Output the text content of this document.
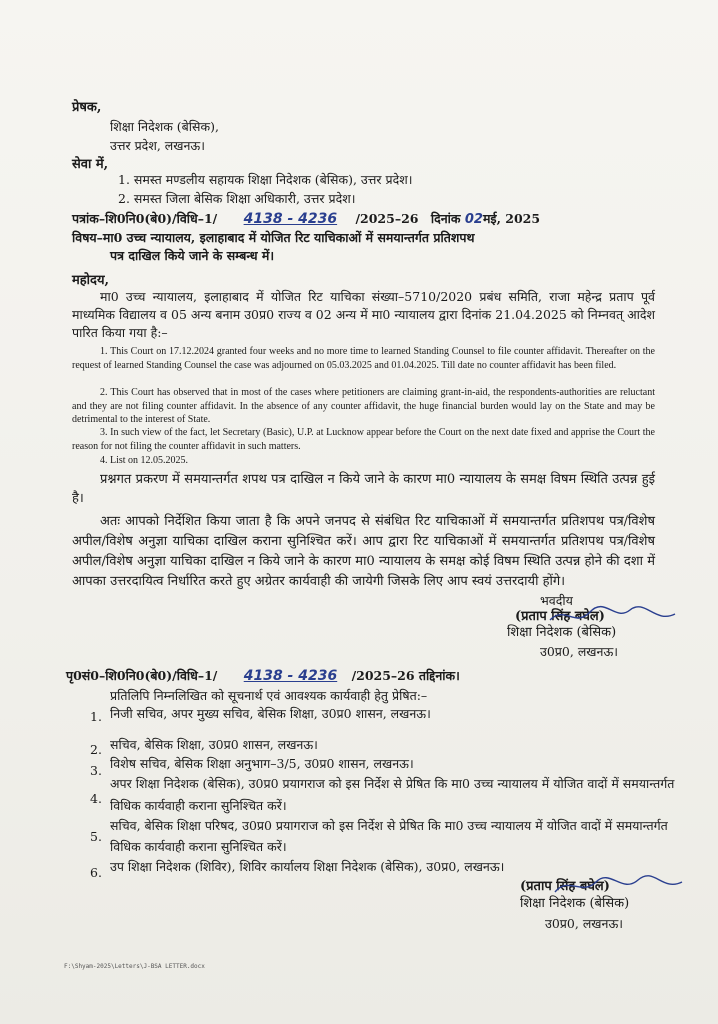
प्रेषक,
शिक्षा निदेशक (बेसिक),
उत्तर प्रदेश, लखनऊ।
सेवा में,
1. समस्त मण्डलीय सहायक शिक्षा निदेशक (बेसिक), उत्तर प्रदेश।
2. समस्त जिला बेसिक शिक्षा अधिकारी, उत्तर प्रदेश।
पत्रांक–शि0नि0(बे0)/विधि–1/ 4138 - 4236 /2025–26 दिनांक 02मई, 2025
विषय–मा0 उच्च न्यायालय, इलाहाबाद में योजित रिट याचिकाओं में समयान्तर्गत प्रतिशपथ
पत्र दाखिल किये जाने के सम्बन्ध में।
महोदय,
मा0 उच्च न्यायालय, इलाहाबाद में योजित रिट याचिका संख्या–5710/2020 प्रबंध समिति, राजा महेन्द्र प्रताप पूर्व माध्यमिक विद्यालय व 05 अन्य बनाम उ0प्र0 राज्य व 02 अन्य में मा0 न्यायालय द्वारा दिनांक 21.04.2025 को निम्नवत् आदेश पारित किया गया है:–
1. This Court on 17.12.2024 granted four weeks and no more time to learned Standing Counsel to file counter affidavit. Thereafter on the request of learned Standing Counsel the case was adjourned on 05.03.2025 and 01.04.2025. Till date no counter affidavit has been filed.
2. This Court has observed that in most of the cases where petitioners are claiming grant-in-aid, the respondents-authorities are reluctant and they are not filing counter affidavit. In the absence of any counter affidavit, the huge financial burden would lay on the State and may be detrimental to the interest of State.
3. In such view of the fact, let Secretary (Basic), U.P. at Lucknow appear before the Court on the next date fixed and apprise the Court the reason for not filing the counter affidavit in such matters.
4. List on 12.05.2025.
प्रश्नगत प्रकरण में समयान्तर्गत शपथ पत्र दाखिल न किये जाने के कारण मा0 न्यायालय के समक्ष विषम स्थिति उत्पन्न हुई है।
अतः आपको निर्देशित किया जाता है कि अपने जनपद से संबंधित रिट याचिकाओं में समयान्तर्गत प्रतिशपथ पत्र/विशेष अपील/विशेष अनुज्ञा याचिका दाखिल कराना सुनिश्चित करें। आप द्वारा रिट याचिकाओं में समयान्तर्गत प्रतिशपथ पत्र/विशेष अपील/विशेष अनुज्ञा याचिका दाखिल न किये जाने के कारण मा0 न्यायालय के समक्ष कोई विषम स्थिति उत्पन्न होने की दशा में आपका उत्तरदायित्व निर्धारित करते हुए अग्रेतर कार्यवाही की जायेगी जिसके लिए आप स्वयं उत्तरदायी होंगे।
भवदीय
(प्रताप सिंह बघेल)
शिक्षा निदेशक (बेसिक)
उ0प्र0, लखनऊ।
पृ0सं0–शि0नि0(बे0)/विधि–1/ 4138 - 4236 /2025–26 तद्दिनांक।
प्रतिलिपि निम्नलिखित को सूचनार्थ एवं आवश्यक कार्यवाही हेतु प्रेषित:–
1. निजी सचिव, अपर मुख्य सचिव, बेसिक शिक्षा, उ0प्र0 शासन, लखनऊ।
2. सचिव, बेसिक शिक्षा, उ0प्र0 शासन, लखनऊ।
3. विशेष सचिव, बेसिक शिक्षा अनुभाग–3/5, उ0प्र0 शासन, लखनऊ।
4.
अपर शिक्षा निदेशक (बेसिक), उ0प्र0 प्रयागराज को इस निर्देश से प्रेषित कि मा0 उच्च न्यायालय में योजित वादों में समयान्तर्गत विधिक कार्यवाही कराना सुनिश्चित करें।
5.
सचिव, बेसिक शिक्षा परिषद, उ0प्र0 प्रयागराज को इस निर्देश से प्रेषित कि मा0 उच्च न्यायालय में योजित वादों में समयान्तर्गत विधिक कार्यवाही कराना सुनिश्चित करें।
6. उप शिक्षा निदेशक (शिविर), शिविर कार्यालय शिक्षा निदेशक (बेसिक), उ0प्र0, लखनऊ।
(प्रताप सिंह बघेल)
शिक्षा निदेशक (बेसिक)
उ0प्र0, लखनऊ।
F:\Shyam-2025\Letters\J-BSA LETTER.docx
